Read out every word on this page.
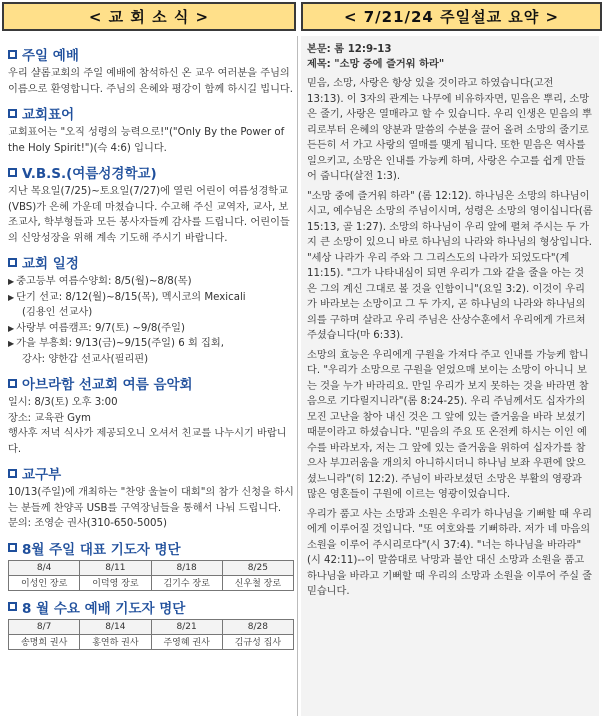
< 교 회 소 식 >	< 7/21/24 주일설교 요약 >
주일 예배

우리 샬롬교회의 주일 예배에 참석하신 온 교우 여러분을 주님의 이름으로 환영합니다. 주님의 은혜와 평강이 함께 하시길 빕니다.

교회표어

교회표어는 "오직 성령의 능력으로!"("Only By the Power of the Holy Spirit!")(슥 4:6) 입니다.

V.B.S.(여름성경학교)

지난 목요일(7/25)~토요일(7/27)에 열린 어린이 여름성경학교(VBS)가 은혜 가운데 마쳤습니다. 수고해 주신 교역자, 교사, 보조교사, 학부형들과 모든 봉사자들께 감사를 드립니다. 어린이들의 신앙성장을 위해 계속 기도해 주시기 바랍니다.

교회 일정

▶ 중고등부 여름수양회: 8/5(월)~8/8(목)

▶ 단기 선교: 8/12(월)~8/15(목), 멕시코의 Mexicali

(김용인 선교사)

▶ 사랑부 여름캠프: 9/7(토) ~9/8(주일)

▶ 가을 부흥회: 9/13(금)~9/15(주일) 6 회 집회,

강사: 양한갑 선교사(필리핀)

아브라함 선교회 여름 음악회

일시: 8/3(토) 오후 3:00

장소: 교육관 Gym

행사후 저녁 식사가 제공되오니 오셔서 친교를 나누시기 바랍니다.

교구부

10/13(주일)에 개최하는 "찬양 울놀이 대회"의 참가 신청을 하시는 분들께 찬양곡 USB를 구역장님들을 통해서 나눠 드립니다.

문의: 조영순 권사(310-650-5005)

8월 주일 대표 기도자 명단
8/4	8/11	8/18	8/25
이성인 장로	이덕영 장로	김기수 장로	신우철 장로
8 월 수요 예배 기도자 명단
8/7	8/14	8/21	8/28
송명희 권사	홍연하 권사	주영혜 권사	김규성 집사

본문: 롬 12:9-13

제목: "소망 중에 즐거워 하라"

믿음, 소망, 사랑은 항상 있을 것이라고 하였습니다(고전 13:13). 이 3자의 관계는 나무에 비유하자면, 믿음은 뿌리, 소망은 줄기, 사랑은 열매라고 할 수 있습니다. 우리 인생은 믿음의 뿌리로부터 은혜의 양분과 말씀의 수분을 끌어 올려 소망의 줄기로 든든히 서 가고 사랑의 열매를 맺게 됩니다. 또한 믿음은 역사를 일으키고, 소망은 인내를 가능케 하며, 사랑은 수고를 쉽게 만들어 줍니다(살전 1:3).

"소망 중에 즐거워 하라" (롬 12:12). 하나님은 소망의 하나님이시고, 예수님은 소망의 주님이시며, 성령은 소망의 영이십니다(롬 15:13, 골 1:27). 소망의 하나님이 우리 앞에 펼쳐 주시는 두 가지 큰 소망이 있으니 바로 하나님의 나라와 하나님의 형상입니다. "세상 나라가 우리 주와 그 그리스도의 나라가 되었도다"(계 11:15). "그가 나타내심이 되면 우리가 그와 같을 줄을 아는 것은 그의 계신 그대로 볼 것을 인함이니"(요일 3:2). 이것이 우리가 바라보는 소망이고 그 두 가지, 곧 하나님의 나라와 하나님의 의를 구하며 살라고 우리 주님은 산상수훈에서 우리에게 가르쳐 주셨습니다(마 6:33).

소망의 효능은 우리에게 구원을 가져다 주고 인내를 가능케 합니다. "우리가 소망으로 구원을 얻었으매 보이는 소망이 아니니 보는 것을 누가 바라리요. 만일 우리가 보지 못하는 것을 바라면 참음으로 기다릴지니라"(롬 8:24-25). 우리 주님께서도 십자가의 모진 고난을 참아 내신 것은 그 앞에 있는 즐거움을 바라 보셨기 때문이라고 하셨습니다. "믿음의 주요 또 온전케 하시는 이인 예수를 바라보자, 저는 그 앞에 있는 즐거움을 위하여 십자가를 참으사 부끄러움을 개의치 아니하시더니 하나님 보좌 우편에 앉으셨느니라"(히 12:2). 주님이 바라보셨던 소망은 부활의 영광과 많은 영혼들이 구원에 이르는 영광이었습니다.

우리가 품고 사는 소망과 소원은 우리가 하나님을 기뻐할 때 우리에게 이루어질 것입니다. "또 여호와를 기뻐하라. 저가 네 마음의 소원을 이루어 주시리로다"(시 37:4). "너는 하나님을 바라라"(시 42:11)--이 말씀대로 낙망과 불안 대신 소망과 소원을 품고 하나님을 바라고 기뻐할 때 우리의 소망과 소원을 이루어 주실 줄 믿습니다.
